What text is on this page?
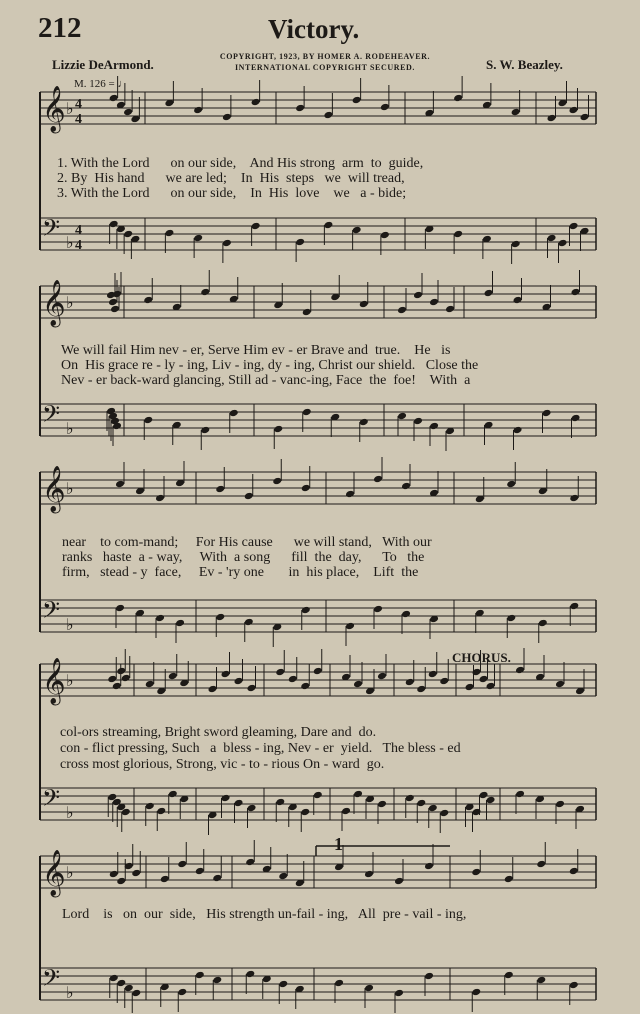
212	Victory.
COPYRIGHT, 1923, BY HOMER A. RODEHEAVER.
INTERNATIONAL COPYRIGHT SECURED.
Lizzie DeArmond.	S. W. Beazley.
M. 126 = ♩
CHORUS.
1. With the Lord      on our side,    And His strong  arm  to  guide,
2. By  His hand      we are led;    In  His  steps   we  will tread,
3. With the Lord      on our side,    In  His  love    we   a - bide;
We will fail Him nev - er, Serve Him ev - er Brave and  true.    He   is
On  His grace re - ly - ing, Liv - ing, dy - ing, Christ our shield.   Close the
Nev - er back-ward glancing, Still ad - vanc-ing, Face  the  foe!    With  a
near    to com-mand;     For His cause      we will stand,   With our
ranks   haste  a - way,     With  a song      fill  the  day,      To   the
firm,   stead - y  face,     Ev - 'ry one       in  his place,    Lift  the
col-ors streaming, Bright sword gleaming, Dare and  do.
con - flict pressing, Such   a  bless - ing, Nev - er  yield.   The bless - ed
cross most glorious, Strong, vic - to - rious On - ward  go.
Lord    is   on  our  side,   His strength un-fail - ing,   All  pre - vail - ing,
𝄞 ♭ 4
4
𝄢 ♭
4
4
𝄞 ♭
𝄢 ♭
𝄞 ♭
𝄢 ♭
𝄞 ♭
𝄢 ♭
𝄞 ♭
𝄢 ♭
1
